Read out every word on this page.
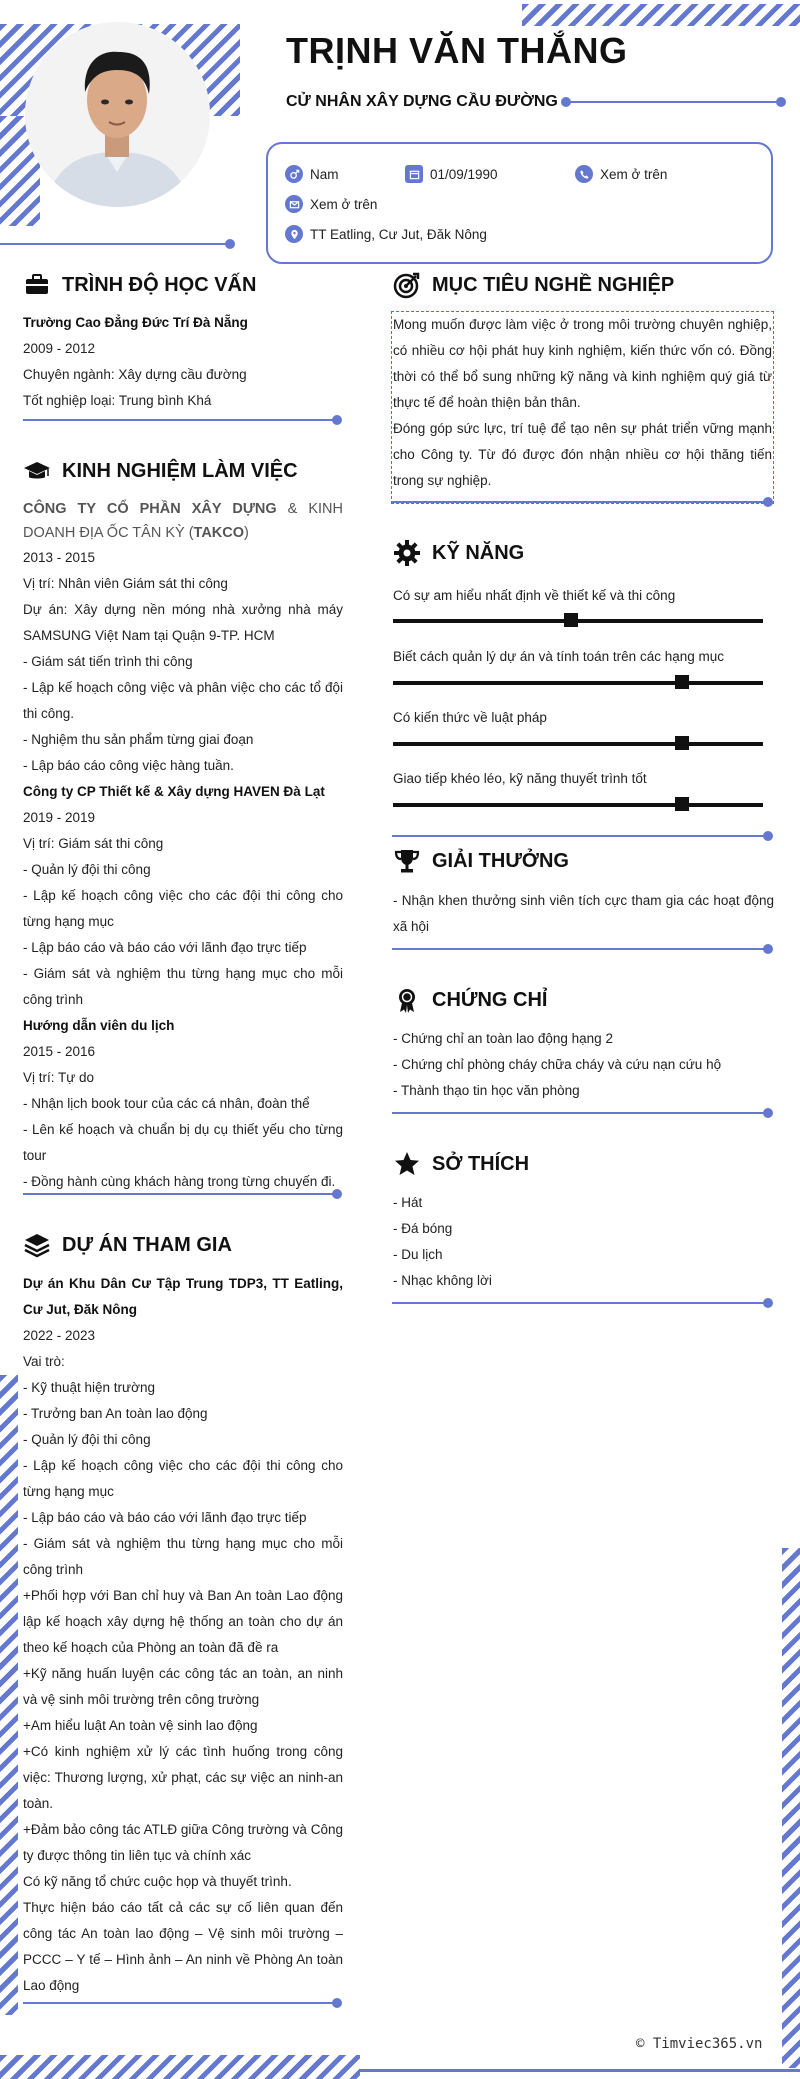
TRỊNH VĂN THẮNG
CỬ NHÂN XÂY DỰNG CẦU ĐƯỜNG
Nam	01/09/1990	Xem ở trên
Xem ở trên
TT Eatling, Cư Jut, Đăk Nông
TRÌNH ĐỘ HỌC VẤN

Trường Cao Đẳng Đức Trí Đà Nẵng

2009 - 2012

Chuyên ngành: Xây dựng cầu đường

Tốt nghiệp loại: Trung bình Khá

KINH NGHIỆM LÀM VIỆC

CÔNG TY CỔ PHẦN XÂY DỰNG & KINH DOANH ĐỊA ỐC TÂN KỲ (TAKCO)

2013 - 2015

Vị trí: Nhân viên Giám sát thi công

Dự án: Xây dựng nền móng nhà xưởng nhà máy SAMSUNG Việt Nam tại Quận 9-TP. HCM

- Giám sát tiến trình thi công

- Lập kế hoạch công việc và phân việc cho các tổ đội thi công.

- Nghiệm thu sản phẩm từng giai đoạn

- Lập báo cáo công việc hàng tuần.

Công ty CP Thiết kế & Xây dựng HAVEN Đà Lạt

2019 - 2019

Vị trí: Giám sát thi công

- Quản lý đội thi công

- Lập kế hoạch công việc cho các đội thi công cho từng hạng mục

- Lập báo cáo và báo cáo với lãnh đạo trực tiếp

- Giám sát và nghiệm thu từng hạng mục cho mỗi công trình

Hướng dẫn viên du lịch

2015 - 2016

Vị trí: Tự do

- Nhận lịch book tour của các cá nhân, đoàn thể

- Lên kế hoạch và chuẩn bị dụ cụ thiết yếu cho từng tour

- Đồng hành cùng khách hàng trong từng chuyến đi.

DỰ ÁN THAM GIA

Dự án Khu Dân Cư Tập Trung TDP3, TT Eatling, Cư Jut, Đăk Nông

2022 - 2023

Vai trò:

- Kỹ thuật hiện trường

- Trưởng ban An toàn lao động

- Quản lý đội thi công

- Lập kế hoạch công việc cho các đội thi công cho từng hạng mục

- Lập báo cáo và báo cáo với lãnh đạo trực tiếp

- Giám sát và nghiệm thu từng hạng mục cho mỗi công trình

+Phối hợp với Ban chỉ huy và Ban An toàn Lao động lập kế hoạch xây dựng hệ thống an toàn cho dự án theo kế hoạch của Phòng an toàn đã đề ra

+Kỹ năng huấn luyện các công tác an toàn, an ninh và vệ sinh môi trường trên công trường

+Am hiểu luật An toàn vệ sinh lao động

+Có kinh nghiệm xử lý các tình huống trong công việc: Thương lượng, xử phạt, các sự việc an ninh-an toàn.

+Đảm bảo công tác ATLĐ giữa Công trường và Công ty được thông tin liên tục và chính xác

Có kỹ năng tổ chức cuộc họp và thuyết trình.

Thực hiện báo cáo tất cả các sự cố liên quan đến công tác An toàn lao động – Vệ sinh môi trường – PCCC – Y tế – Hình ảnh – An ninh về Phòng An toàn Lao động

MỤC TIÊU NGHỀ NGHIỆP

Mong muốn được làm việc ở trong môi trường chuyên nghiệp, có nhiều cơ hội phát huy kinh nghiệm, kiến thức vốn có. Đồng thời có thể bổ sung những kỹ năng và kinh nghiệm quý giá từ thực tế để hoàn thiện bản thân.

Đóng góp sức lực, trí tuệ để tạo nên sự phát triển vững mạnh cho Công ty. Từ đó được đón nhận nhiều cơ hội thăng tiến trong sự nghiệp.

KỸ NĂNG
Có sự am hiểu nhất định về thiết kế và thi công
Biết cách quản lý dự án và tính toán trên các hạng mục
Có kiến thức về luật pháp
Giao tiếp khéo léo, kỹ năng thuyết trình tốt
GIẢI THƯỞNG

- Nhận khen thưởng sinh viên tích cực tham gia các hoạt động xã hội

CHỨNG CHỈ

- Chứng chỉ an toàn lao động hạng 2

- Chứng chỉ phòng cháy chữa cháy và cứu nạn cứu hộ

- Thành thạo tin học văn phòng

SỞ THÍCH

- Hát

- Đá bóng

- Du lịch

- Nhạc không lời

© Timviec365.vn
